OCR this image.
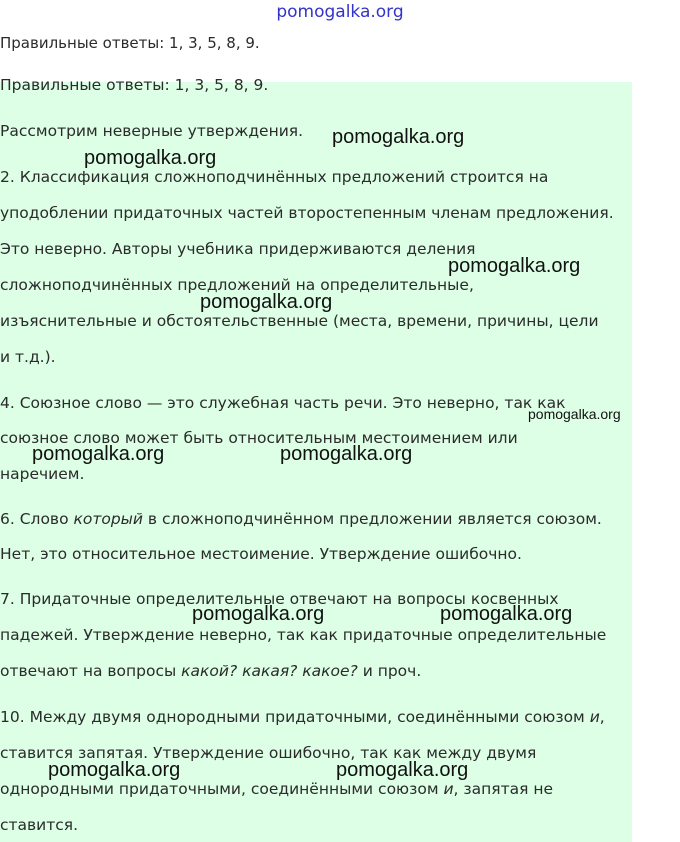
pomogalka.org
Правильные ответы: 1, 3, 5, 8, 9.
Правильные ответы: 1, 3, 5, 8, 9.
Рассмотрим неверные утверждения.
2. Классификация сложноподчинённых предложений строится на
уподоблении придаточных частей второстепенным членам предложения.
Это неверно. Авторы учебника придерживаются деления
сложноподчинённых предложений на определительные,
изъяснительные и обстоятельственные (места, времени, причины, цели
и т.д.).
4. Союзное слово — это служебная часть речи. Это неверно, так как
союзное слово может быть относительным местоимением или
наречием.
6. Слово который в сложноподчинённом предложении является союзом.
Нет, это относительное местоимение. Утверждение ошибочно.
7. Придаточные определительные отвечают на вопросы косвенных
падежей. Утверждение неверно, так как придаточные определительные
отвечают на вопросы какой? какая? какое? и проч.
10. Между двумя однородными придаточными, соединёнными союзом и,
ставится запятая. Утверждение ошибочно, так как между двумя
однородными придаточными, соединёнными союзом и, запятая не
ставится.
pomogalka.org
pomogalka.org
pomogalka.org
pomogalka.org
pomogalka.org
pomogalka.org	pomogalka.org
pomogalka.org	pomogalka.org
pomogalka.org	pomogalka.org
